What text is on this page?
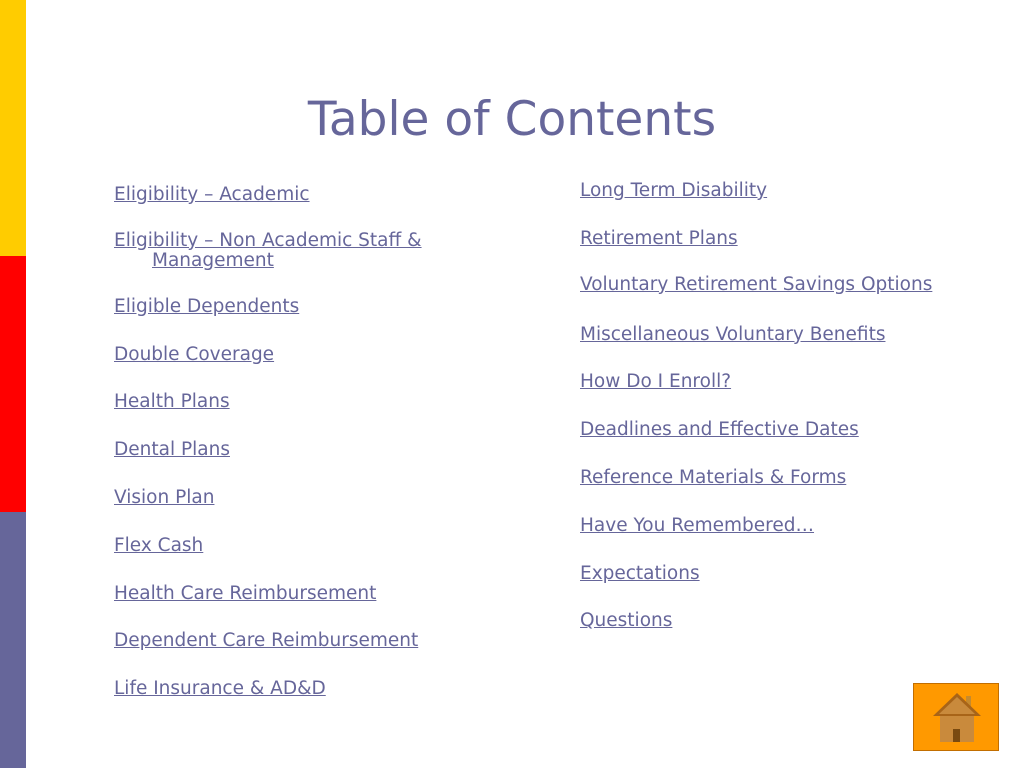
Table of Contents
Eligibility – Academic
Eligibility – Non Academic Staff & Management
Eligible Dependents
Double Coverage
Health Plans
Dental Plans
Vision Plan
Flex Cash
Health Care Reimbursement
Dependent Care Reimbursement
Life Insurance & AD&D
Long Term Disability
Retirement Plans
Voluntary Retirement Savings Options
Miscellaneous Voluntary Benefits
How Do I Enroll?
Deadlines and Effective Dates
Reference Materials & Forms
Have You Remembered…
Expectations
Questions
